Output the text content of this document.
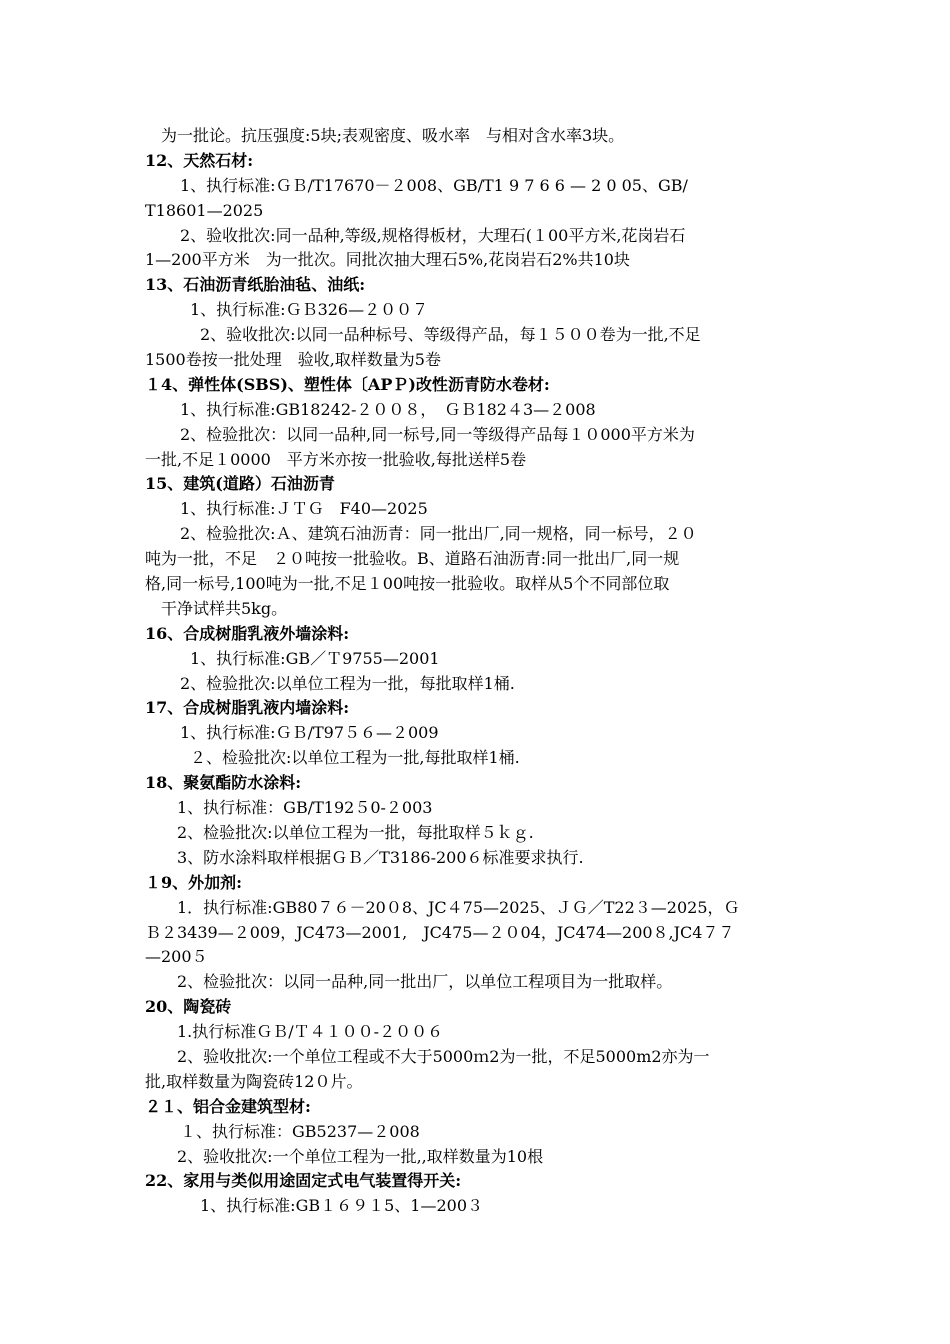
为一批论。抗压强度:5块;表观密度、吸水率　与相对含水率3块。
12、天然石材:
1、执行标准:ＧＢ/T17670－２008、GB/T1 9 7 6 6 — 2 0 05、GB/
T18601—2025
2、验收批次:同一品种,等级,规格得板材，大理石(１00平方米,花岗岩石
1—200平方米　为一批次。同批次抽大理石5%,花岗岩石2%共10块
13、石油沥青纸胎油毡、油纸:
1、执行标准:ＧＢ326—２００７
2、验收批次:以同一品种标号、等级得产品，每１５００卷为一批,不足
1500卷按一批处理　验收,取样数量为5卷
１4、弹性体(SBS)、塑性体〔APＰ)改性沥青防水卷材:
1、执行标准:GB18242-２００８，　ＧＢ182４3—２008
2、检验批次：以同一品种,同一标号,同一等级得产品每１０000平方米为
一批,不足１0000　平方米亦按一批验收,每批送样5卷
15、建筑(道路）石油沥青
1、执行标准:ＪＴＧ　F40—2025
2、检验批次:Ａ、建筑石油沥青：同一批出厂,同一规格，同一标号，２０
吨为一批，不足　２０吨按一批验收。B、道路石油沥青:同一批出厂,同一规
格,同一标号,100吨为一批,不足１00吨按一批验收。取样从5个不同部位取
干净试样共5kg。
16、合成树脂乳液外墙涂料:
1、执行标准:GB／Ｔ9755—2001
2、检验批次:以单位工程为一批，每批取样1桶.
17、合成树脂乳液内墙涂料:
1、执行标准:ＧＢ/T97５６—２009
２、检验批次:以单位工程为一批,每批取样1桶.
18、聚氨酯防水涂料:
　1、执行标准：GB/T192５0-２003
　2、检验批次:以单位工程为一批，每批取样５ｋｇ.
　3、防水涂料取样根据ＧＢ／T3186-200６标准要求执行.
１9、外加剂:
　1．执行标准:GB80７６－20０8、JC４75—2025、ＪＧ／T22３—2025，Ｇ
Ｂ２3439—２009，JC473—2001,　JC475—２０04，JC474—200８,JC4７７
—200５
　2、检验批次：以同一品种,同一批出厂，以单位工程项目为一批取样。
20、陶瓷砖
　1.执行标准ＧＢ/Ｔ４１００-２００６
　2、验收批次:一个单位工程或不大于5000ｍ2为一批，不足5000m2亦为一
批,取样数量为陶瓷砖12０片。
２１、铝合金建筑型材:
１、执行标准：GB5237—２008
　2、验收批次:一个单位工程为一批,,取样数量为10根
22、家用与类似用途固定式电气装置得开关:
1、执行标准:GB１６９１5、1—200３
